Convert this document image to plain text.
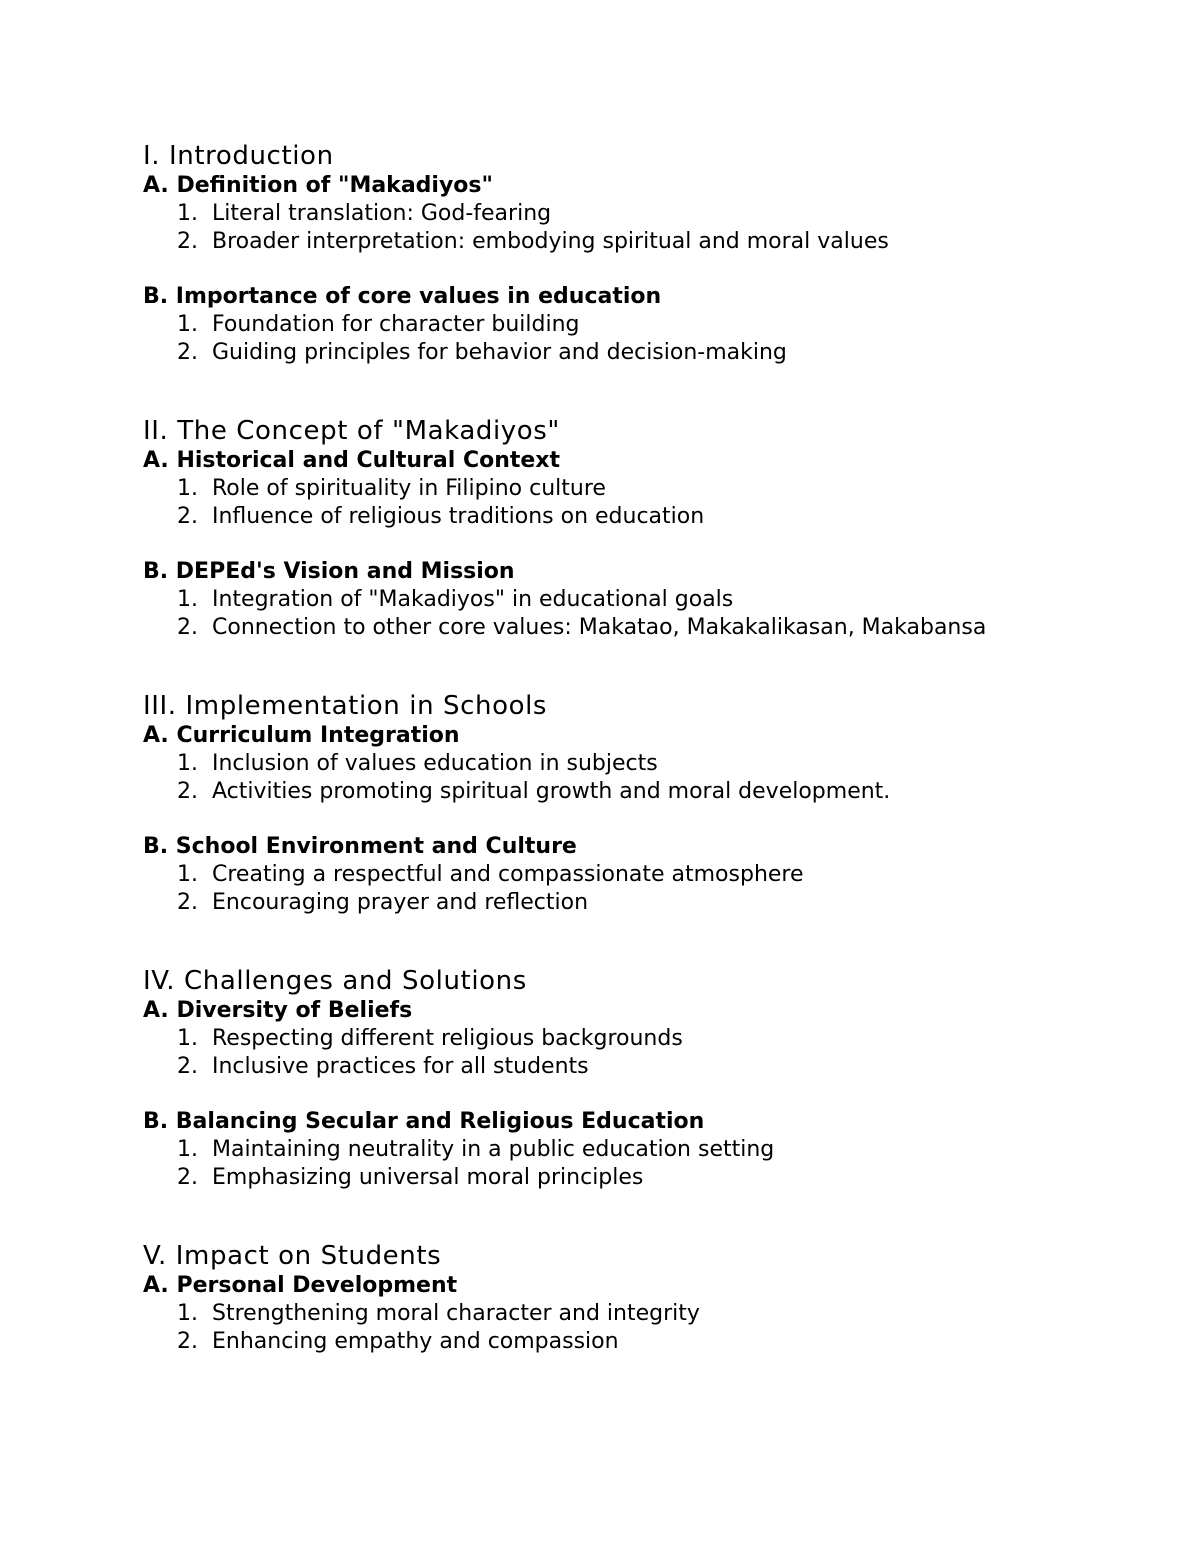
I. Introduction
A. Definition of "Makadiyos"
1. Literal translation: God-fearing
2. Broader interpretation: embodying spiritual and moral values
B. Importance of core values in education
1. Foundation for character building
2. Guiding principles for behavior and decision-making
II. The Concept of "Makadiyos"
A. Historical and Cultural Context
1. Role of spirituality in Filipino culture
2. Influence of religious traditions on education
B. DEPEd's Vision and Mission
1. Integration of "Makadiyos" in educational goals
2. Connection to other core values: Makatao, Makakalikasan, Makabansa
III. Implementation in Schools
A. Curriculum Integration
1. Inclusion of values education in subjects
2. Activities promoting spiritual growth and moral development.
B. School Environment and Culture
1. Creating a respectful and compassionate atmosphere
2. Encouraging prayer and reflection
IV. Challenges and Solutions
A. Diversity of Beliefs
1. Respecting different religious backgrounds
2. Inclusive practices for all students
B. Balancing Secular and Religious Education
1. Maintaining neutrality in a public education setting
2. Emphasizing universal moral principles
V. Impact on Students
A. Personal Development
1. Strengthening moral character and integrity
2. Enhancing empathy and compassion
